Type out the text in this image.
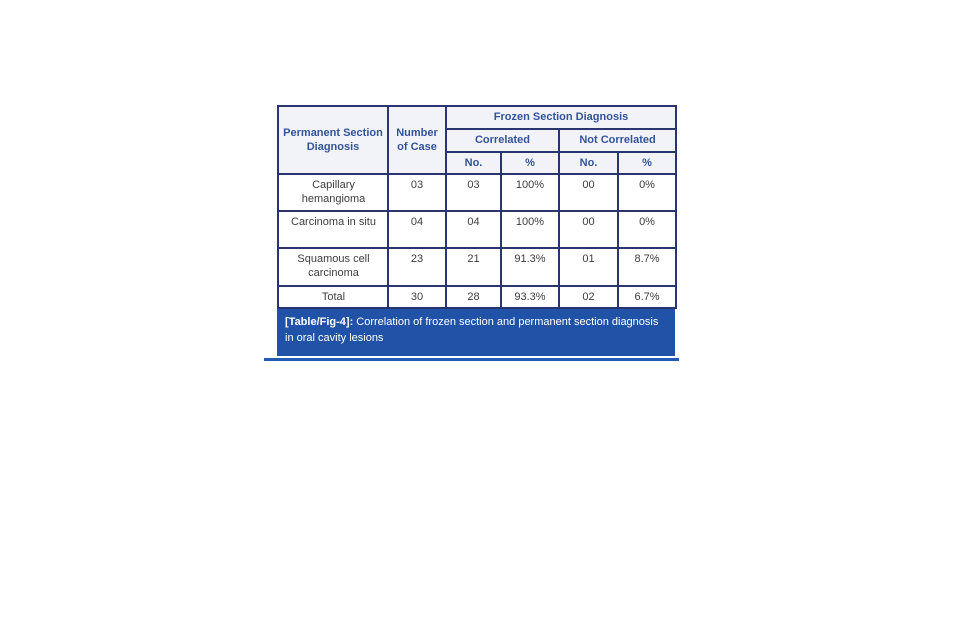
Permanent Section Diagnosis	Number of Case	Frozen Section Diagnosis			
		Correlated		Not Correlated	
		No.	%	No.	%
Capillary hemangioma	03	03	100%	00	0%
Carcinoma in situ	04	04	100%	00	0%
Squamous cell carcinoma	23	21	91.3%	01	8.7%
Total	30	28	93.3%	02	6.7%
[Table/Fig-4]: Correlation of frozen section and permanent section diagnosis in oral cavity lesions
